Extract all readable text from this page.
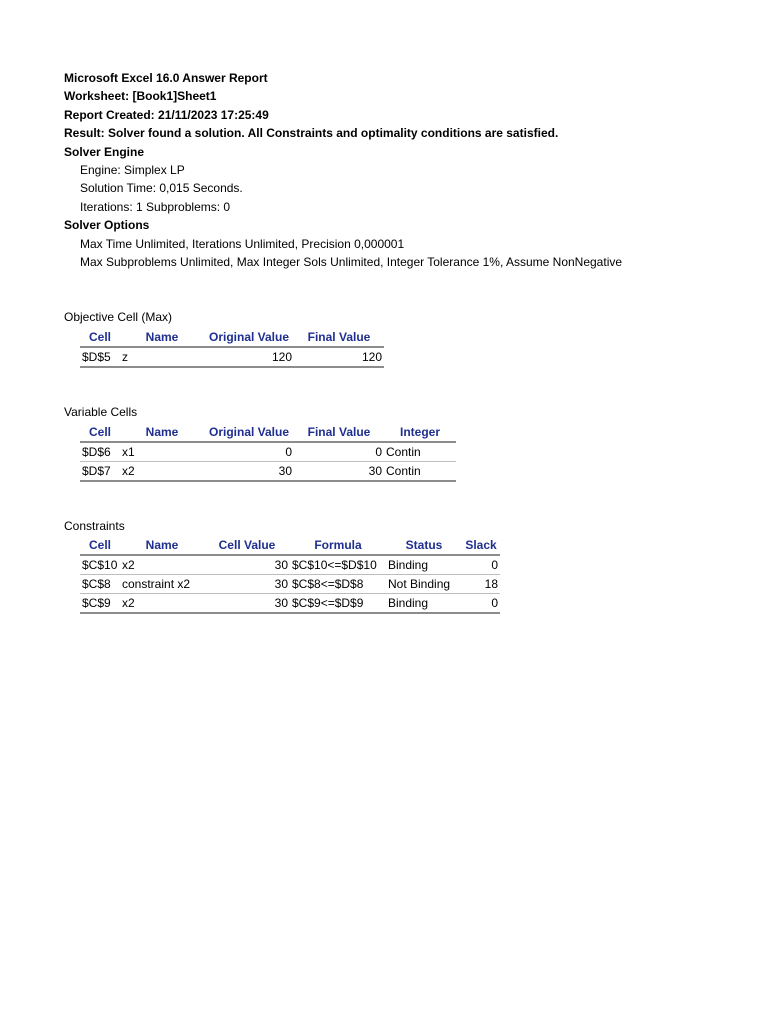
Microsoft Excel 16.0 Answer Report
Worksheet: [Book1]Sheet1
Report Created: 21/11/2023 17:25:49
Result: Solver found a solution. All Constraints and optimality conditions are satisfied.
Solver Engine
Engine: Simplex LP
Solution Time: 0,015 Seconds.
Iterations: 1 Subproblems: 0
Solver Options
Max Time Unlimited, Iterations Unlimited, Precision 0,000001
Max Subproblems Unlimited, Max Integer Sols Unlimited, Integer Tolerance 1%, Assume NonNegative
Objective Cell (Max)
Cell	Name	Original Value	Final Value
$D$5	z	120	120
Variable Cells
Cell	Name	Original Value	Final Value	Integer
$D$6	x1	0	0	Contin
$D$7	x2	30	30	Contin
Constraints
Cell	Name	Cell Value	Formula	Status	Slack
$C$10	x2	30	$C$10<=$D$10	Binding	0
$C$8	constraint x2	30	$C$8<=$D$8	Not Binding	18
$C$9	x2	30	$C$9<=$D$9	Binding	0
